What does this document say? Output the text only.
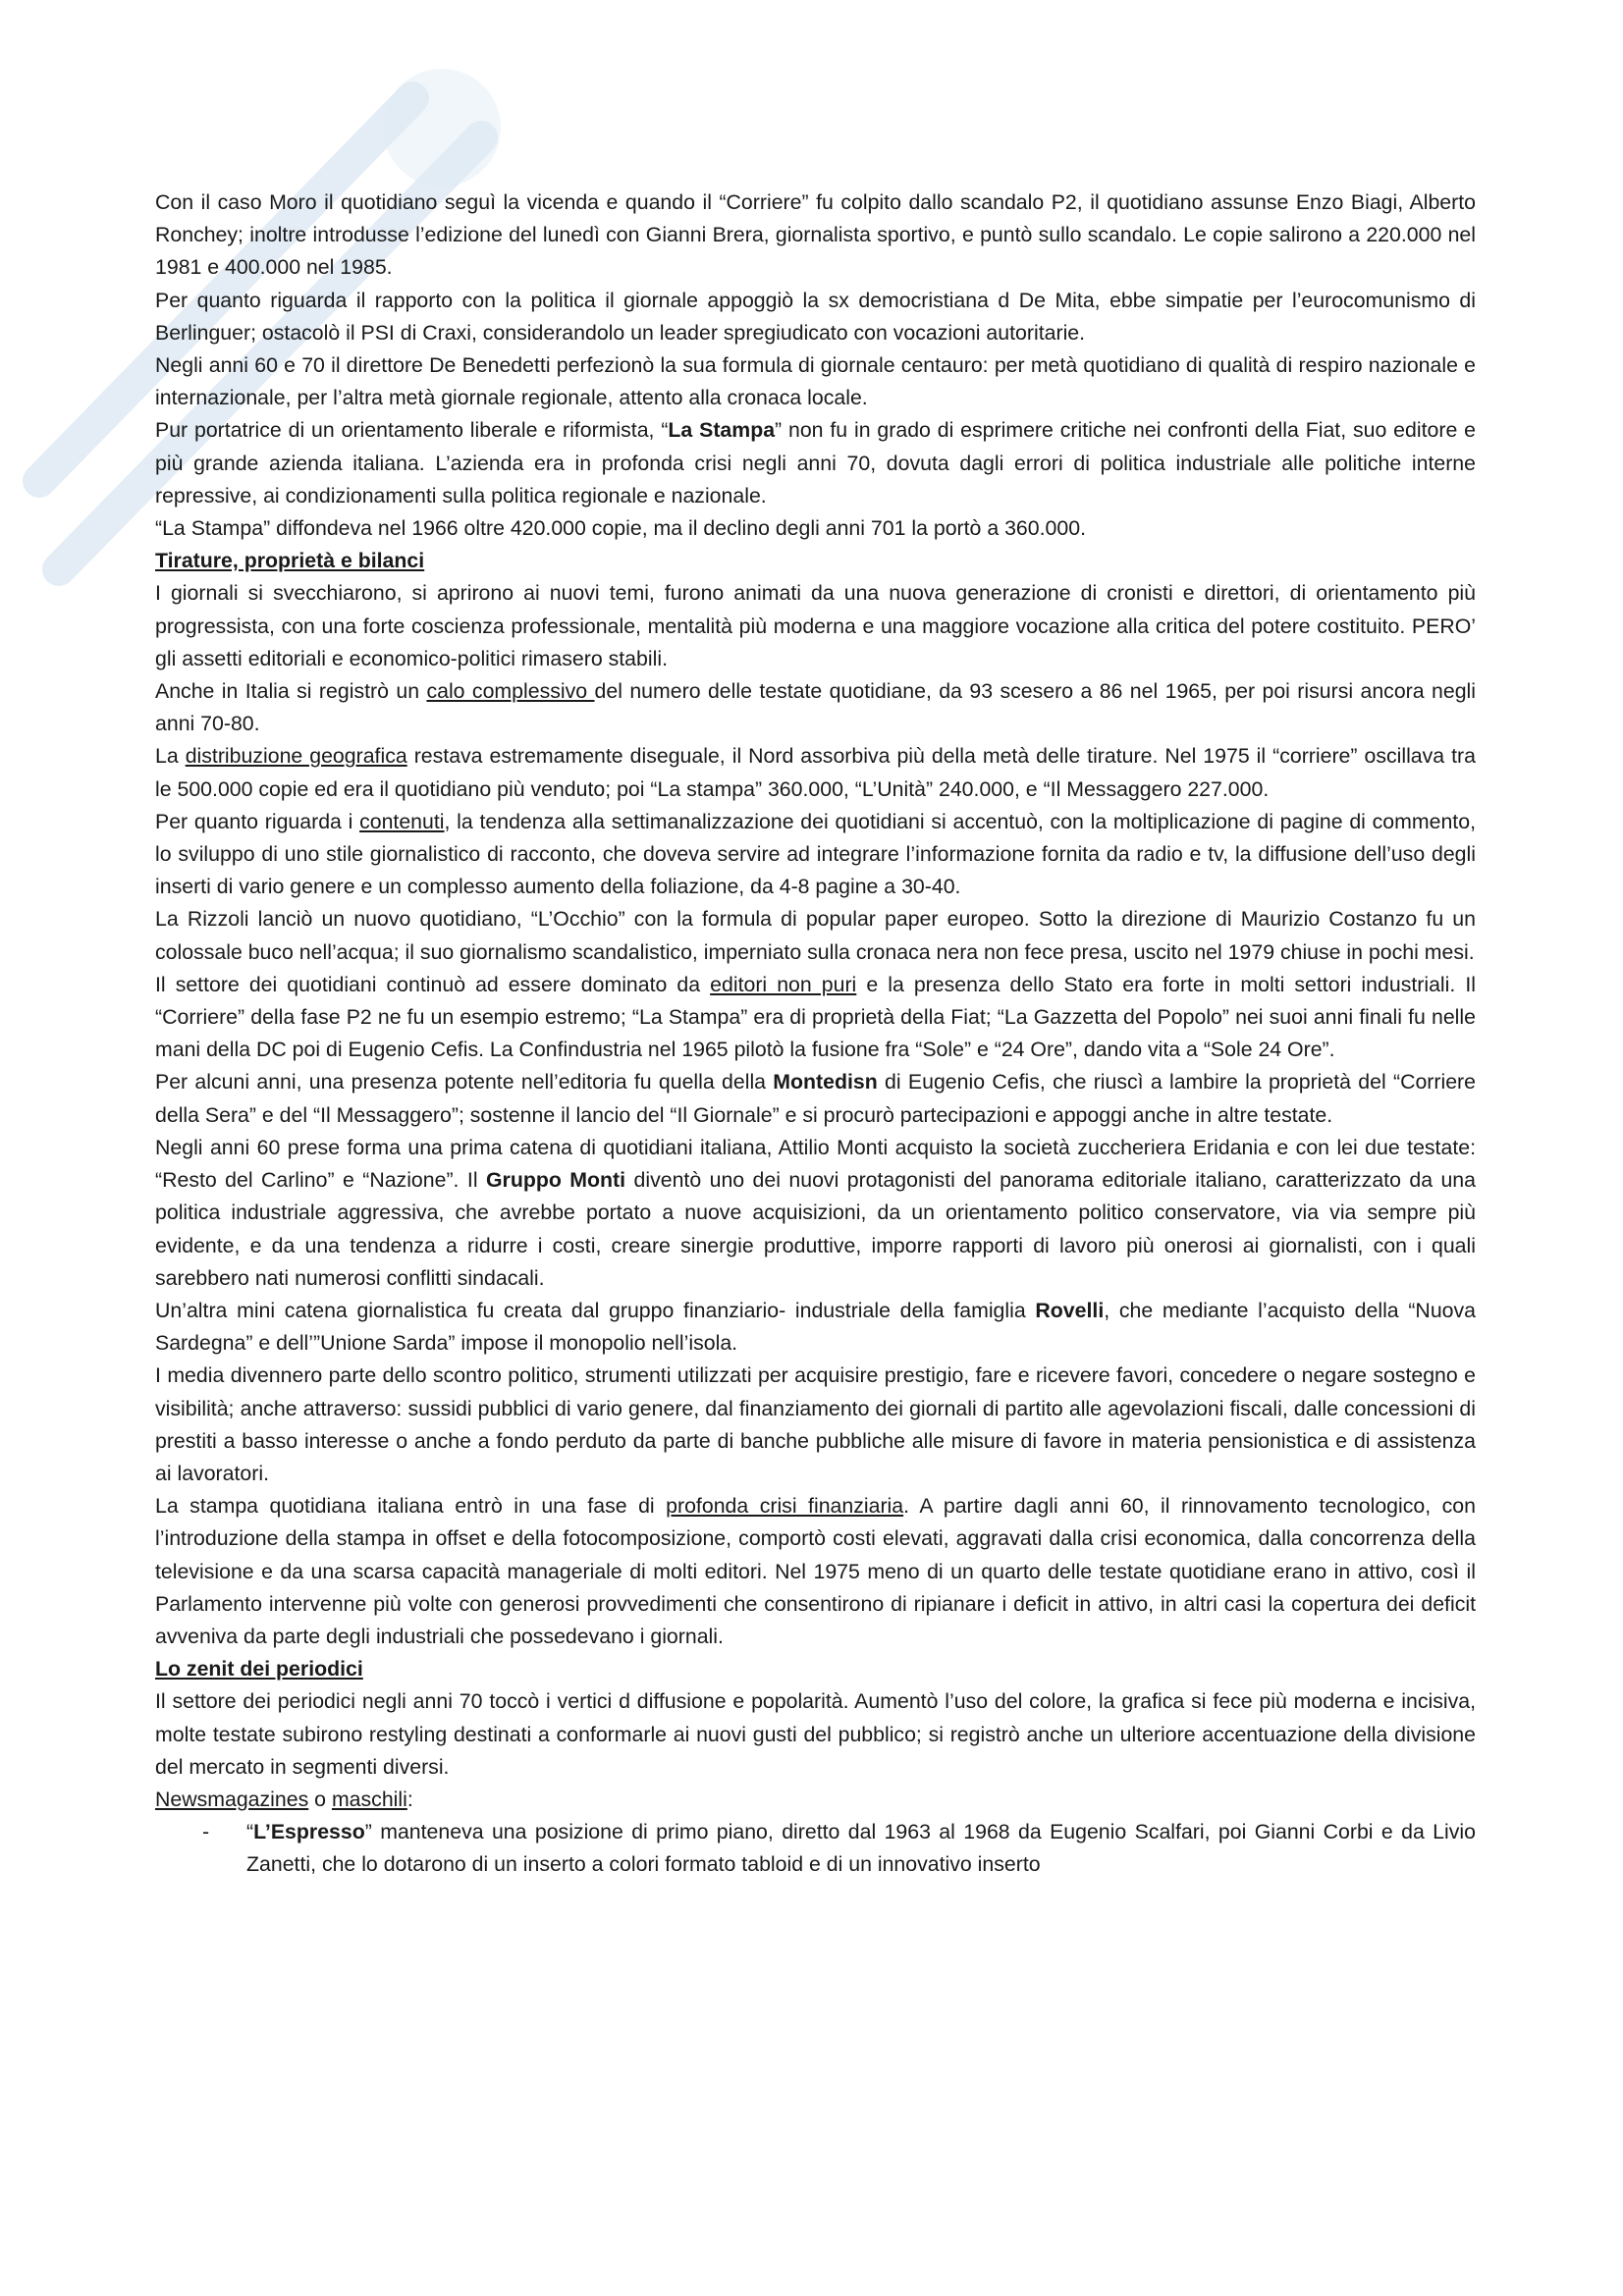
Con il caso Moro il quotidiano seguì la vicenda e quando il “Corriere” fu colpito dallo scandalo P2, il quotidiano assunse Enzo Biagi, Alberto Ronchey; inoltre introdusse l’edizione del lunedì con Gianni Brera, giornalista sportivo, e puntò sullo scandalo. Le copie salirono a 220.000 nel 1981 e 400.000 nel 1985.

Per quanto riguarda il rapporto con la politica il giornale appoggiò la sx democristiana d De Mita, ebbe simpatie per l’eurocomunismo di Berlinguer; ostacolò il PSI di Craxi, considerandolo un leader spregiudicato con vocazioni autoritarie.

Negli anni 60 e 70 il direttore De Benedetti perfezionò la sua formula di giornale centauro: per metà quotidiano di qualità di respiro nazionale e internazionale, per l’altra metà giornale regionale, attento alla cronaca locale.

Pur portatrice di un orientamento liberale e riformista, “La Stampa” non fu in grado di esprimere critiche nei confronti della Fiat, suo editore e più grande azienda italiana. L’azienda era in profonda crisi negli anni 70, dovuta dagli errori di politica industriale alle politiche interne repressive, ai condizionamenti sulla politica regionale e nazionale.

“La Stampa” diffondeva nel 1966 oltre 420.000 copie, ma il declino degli anni 701 la portò a 360.000.

Tirature, proprietà e bilanci

I giornali si svecchiarono, si aprirono ai nuovi temi, furono animati da una nuova generazione di cronisti e direttori, di orientamento più progressista, con una forte coscienza professionale, mentalità più moderna e una maggiore vocazione alla critica del potere costituito. PERO’ gli assetti editoriali e economico-politici rimasero stabili.

Anche in Italia si registrò un calo complessivo del numero delle testate quotidiane, da 93 scesero a 86 nel 1965, per poi risursi ancora negli anni 70-80.

La distribuzione geografica restava estremamente diseguale, il Nord assorbiva più della metà delle tirature. Nel 1975 il “corriere” oscillava tra le 500.000 copie ed era il quotidiano più venduto; poi “La stampa” 360.000, “L’Unità” 240.000, e “Il Messaggero 227.000.

Per quanto riguarda i contenuti, la tendenza alla settimanalizzazione dei quotidiani si accentuò, con la moltiplicazione di pagine di commento, lo sviluppo di uno stile giornalistico di racconto, che doveva servire ad integrare l’informazione fornita da radio e tv, la diffusione dell’uso degli inserti di vario genere e un complesso aumento della foliazione, da 4-8 pagine a 30-40.

La Rizzoli lanciò un nuovo quotidiano, “L’Occhio” con la formula di popular paper europeo. Sotto la direzione di Maurizio Costanzo fu un colossale buco nell’acqua; il suo giornalismo scandalistico, imperniato sulla cronaca nera non fece presa, uscito nel 1979 chiuse in pochi mesi.

Il settore dei quotidiani continuò ad essere dominato da editori non puri e la presenza dello Stato era forte in molti settori industriali. Il “Corriere” della fase P2 ne fu un esempio estremo; “La Stampa” era di proprietà della Fiat; “La Gazzetta del Popolo” nei suoi anni finali fu nelle mani della DC poi di Eugenio Cefis. La Confindustria nel 1965 pilotò la fusione fra “Sole” e “24 Ore”, dando vita a “Sole 24 Ore”.

Per alcuni anni, una presenza potente nell’editoria fu quella della Montedisn di Eugenio Cefis, che riuscì a lambire la proprietà del “Corriere della Sera” e del “Il Messaggero”; sostenne il lancio del “Il Giornale” e si procurò partecipazioni e appoggi anche in altre testate.

Negli anni 60 prese forma una prima catena di quotidiani italiana, Attilio Monti acquisto la società zuccheriera Eridania e con lei due testate: “Resto del Carlino” e “Nazione”. Il Gruppo Monti diventò uno dei nuovi protagonisti del panorama editoriale italiano, caratterizzato da una politica industriale aggressiva, che avrebbe portato a nuove acquisizioni, da un orientamento politico conservatore, via via sempre più evidente, e da una tendenza a ridurre i costi, creare sinergie produttive, imporre rapporti di lavoro più onerosi ai giornalisti, con i quali sarebbero nati numerosi conflitti sindacali.

Un’altra mini catena giornalistica fu creata dal gruppo finanziario- industriale della famiglia Rovelli, che mediante l’acquisto della “Nuova Sardegna” e dell’”Unione Sarda” impose il monopolio nell’isola.

I media divennero parte dello scontro politico, strumenti utilizzati per acquisire prestigio, fare e ricevere favori, concedere o negare sostegno e visibilità; anche attraverso: sussidi pubblici di vario genere, dal finanziamento dei giornali di partito alle agevolazioni fiscali, dalle concessioni di prestiti a basso interesse o anche a fondo perduto da parte di banche pubbliche alle misure di favore in materia pensionistica e di assistenza ai lavoratori.

La stampa quotidiana italiana entrò in una fase di profonda crisi finanziaria. A partire dagli anni 60, il rinnovamento tecnologico, con l’introduzione della stampa in offset e della fotocomposizione, comportò costi elevati, aggravati dalla crisi economica, dalla concorrenza della televisione e da una scarsa capacità manageriale di molti editori. Nel 1975 meno di un quarto delle testate quotidiane erano in attivo, così il Parlamento intervenne più volte con generosi provvedimenti che consentirono di ripianare i deficit in attivo, in altri casi la copertura dei deficit avveniva da parte degli industriali che possedevano i giornali.

Lo zenit dei periodici

Il settore dei periodici negli anni 70 toccò i vertici d diffusione e popolarità. Aumentò l’uso del colore, la grafica si fece più moderna e incisiva, molte testate subirono restyling destinati a conformarle ai nuovi gusti del pubblico; si registrò anche un ulteriore accentuazione della divisione del mercato in segmenti diversi.

Newsmagazines o maschili:

- “L’Espresso” manteneva una posizione di primo piano, diretto dal 1963 al 1968 da Eugenio Scalfari, poi Gianni Corbi e da Livio Zanetti, che lo dotarono di un inserto a colori formato tabloid e di un innovativo inserto
